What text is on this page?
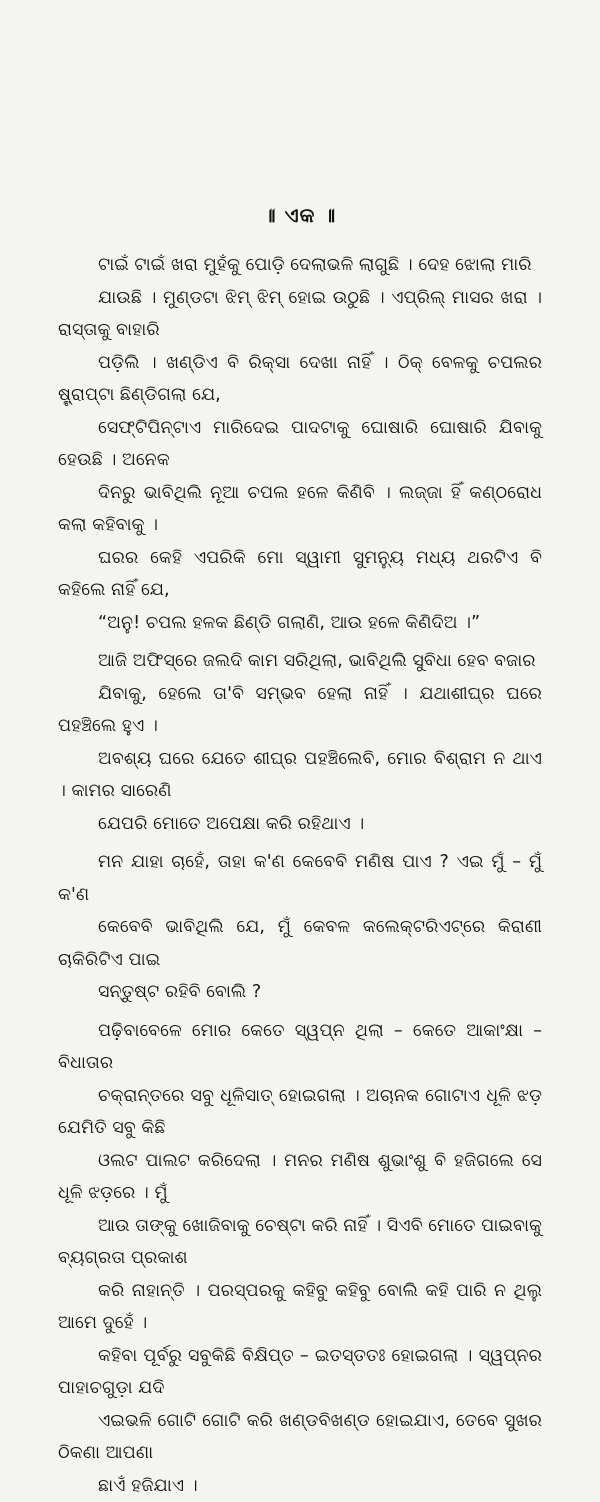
॥ ଏକ ॥
ଟାଇଁ ଟାଇଁ ଖରା ମୁହଁକୁ ପୋଡ଼ି ଦେଲାଭଳି ଲାଗୁଛି । ଦେହ ଝୋଲା ମାରି
ଯାଉଛି । ମୁଣ୍ଡଟା ଝିମ୍ ଝିମ୍ ହୋଇ ଉଠୁଛି । ଏପ୍ରିଲ୍ ମାସର ଖରା । ରାସ୍ତାକୁ ବାହାରି
ପଡ଼ିଲି । ଖଣ୍ଡିଏ ବି ରିକ୍ସା ଦେଖା ନାହିଁ । ଠିକ୍ ବେଳକୁ ଚପଲର ଷ୍ଟ୍ରାପ୍‌ଟା ଛିଣ୍ଡିଗଲା ଯେ,
ସେଫ୍‌ଟିପିନ୍‌ଟାଏ ମାରିଦେଇ ପାଦଟାକୁ ଘୋଷାରି ଘୋଷାରି ଯିବାକୁ ହେଉଛି । ଅନେକ
ଦିନରୁ ଭାବିଥିଲି ନୂଆ ଚପଲ ହଳେ କିଣିବି । ଲଜ୍ଜା ହିଁ କଣ୍ଠରୋଧ କଲା କହିବାକୁ ।
ଘରର କେହି ଏପରିକି ମୋ ସ୍ୱାମୀ ସୁମନ୍ୟୁ ମଧ୍ୟ ଥରଟିଏ ବି କହିଲେ ନାହିଁ ଯେ,
“ଅନୁ! ଚପଲ ହଳକ ଛିଣ୍ଡି ଗଲାଣି, ଆଉ ହଳେ କିଣିଦିଅ ।”
ଆଜି ଅଫିସ୍‌ରେ ଜଲଦି କାମ ସରିଥିଲା, ଭାବିଥିଲି ସୁବିଧା ହେବ ବଜାର
ଯିବାକୁ, ହେଲେ ତା'ବି ସମ୍ଭବ ହେଲା ନାହିଁ । ଯଥାଶୀଘ୍ର ଘରେ ପହଞ୍ଚିଲେ ହୁଏ ।
ଅବଶ୍ୟ ଘରେ ଯେତେ ଶୀଘ୍ର ପହଞ୍ଚିଲେବି, ମୋର ବିଶ୍ରାମ ନ ଥାଏ । କାମର ସାରେଣି
ଯେପରି ମୋତେ ଅପେକ୍ଷା କରି ରହିଥାଏ ।
ମନ ଯାହା ଚାହେଁ, ତାହା କ'ଣ କେବେବି ମଣିଷ ପାଏ ? ଏଇ ମୁଁ – ମୁଁ କ'ଣ
କେବେବି ଭାବିଥିଲି ଯେ, ମୁଁ କେବଳ କଲେକ୍ଟରିଏଟ୍‌ରେ କିରାଣୀ ଚାକିରିଟିଏ ପାଇ
ସନ୍ତୁଷ୍ଟ ରହିବି ବୋଲି ?
ପଢ଼ିବାବେଳେ ମୋର କେତେ ସ୍ୱପ୍ନ ଥିଲା – କେତେ ଆକାଂକ୍ଷା – ବିଧାତାର
ଚକ୍ରାନ୍ତରେ ସବୁ ଧୂଳିସାତ୍ ହୋଇଗଲା । ଅଚାନକ ଗୋଟାଏ ଧୂଳି ଝଡ଼ ଯେମିତି ସବୁ କିଛି
ଓଲଟ ପାଲଟ କରିଦେଲା । ମନର ମଣିଷ ଶୁଭାଂଶୁ ବି ହଜିଗଲେ ସେ ଧୂଳି ଝଡ଼ରେ । ମୁଁ
ଆଉ ତାଙ୍କୁ ଖୋଜିବାକୁ ଚେଷ୍ଟା କରି ନାହିଁ । ସିଏବି ମୋତେ ପାଇବାକୁ ବ୍ୟଗ୍ରତା ପ୍ରକାଶ
କରି ନାହାନ୍ତି । ପରସ୍ପରକୁ କହିବୁ କହିବୁ ବୋଲି କହି ପାରି ନ ଥିଲୁ ଆମେ ଦୁହେଁ ।
କହିବା ପୂର୍ବରୁ ସବୁକିଛି ବିକ୍ଷିପ୍ତ – ଇତସ୍ତତଃ ହୋଇଗଲା । ସ୍ୱପ୍ନର ପାହାଚଗୁଡ଼ା ଯଦି
ଏଇଭଳି ଗୋଟି ଗୋଟି କରି ଖଣ୍ଡବିଖଣ୍ଡ ହୋଇଯାଏ, ତେବେ ସୁଖର ଠିକଣା ଆପଣା
ଛାଏଁ ହଜିଯାଏ ।
